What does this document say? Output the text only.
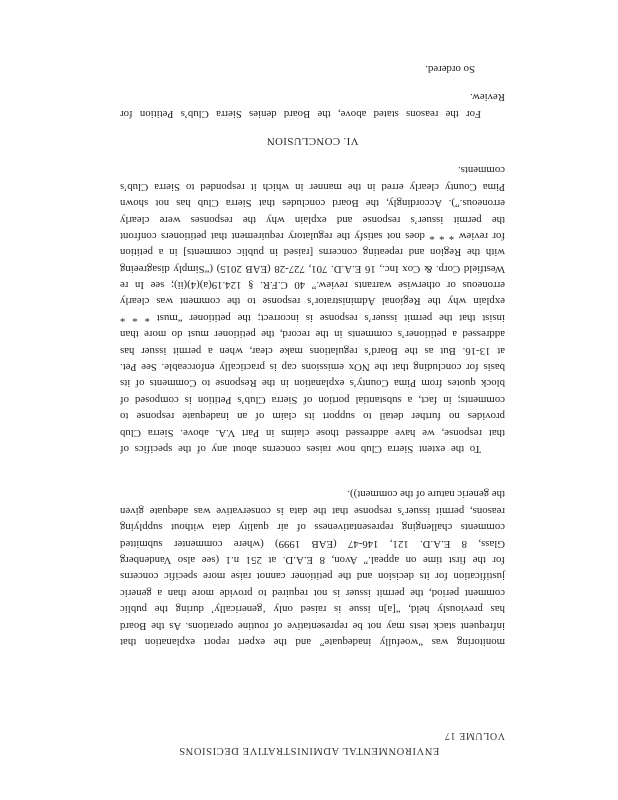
ENVIRONMENTAL ADMINISTRATIVE DECISIONS
monitoring was “woefully inadequate” and the expert report explanation that
infrequent stack tests may not be representative of routine operations. As the Board
has previously held, “[a]n issue is raised only ‘generically’ during the public
comment period, the permit issuer is not required to provide more than a generic
justification for its decision and the petitioner cannot raise more specific concerns
for the first time on appeal.” Avon, 8 E.A.D. at 251 n.1 (see also Vandenberg
Glass, 8 E.A.D. 121, 146-47 (EAB 1999) (where commenter submitted
comments challenging representativeness of air quality data without supplying
reasons, permit issuer’s response that the data is conservative was adequate given
the generic nature of the comment)).
To the extent Sierra Club now raises concerns about any of the specifics of
that response, we have addressed those claims in Part V.A. above. Sierra Club
provides no further detail to support its claim of an inadequate response to
comments; in fact, a substantial portion of Sierra Club’s Petition is composed of
block quotes from Pima County’s explanation in the Response to Comments of its
basis for concluding that the NOx emissions cap is practically enforceable. See Pet.
at 13-16. But as the Board’s regulations make clear, when a permit issuer has
addressed a petitioner’s comments in the record, the petitioner must do more than
insist that the permit issuer’s response is incorrect; the petitioner “must * * *
explain why the Regional Administrator’s response to the comment was clearly
erroneous or otherwise warrants review.” 40 C.F.R. § 124.19(a)(4)(ii); see In re
Westfield Corp. & Cox Inc., 16 E.A.D. 701, 727-28 (EAB 2015) (“Simply disagreeing
with the Region and repeating concerns [raised in public comments] in a petition
for review * * * does not satisfy the regulatory requirement that petitioners confront
the permit issuer’s response and explain why the responses were clearly
erroneous.”). Accordingly, the Board concludes that Sierra Club has not shown
Pima County clearly erred in the manner in which it responded to Sierra Club’s
comments.
VI. CONCLUSION
For the reasons stated above, the Board denies Sierra Club’s Petition for
Review.
So ordered.
VOLUME 17
